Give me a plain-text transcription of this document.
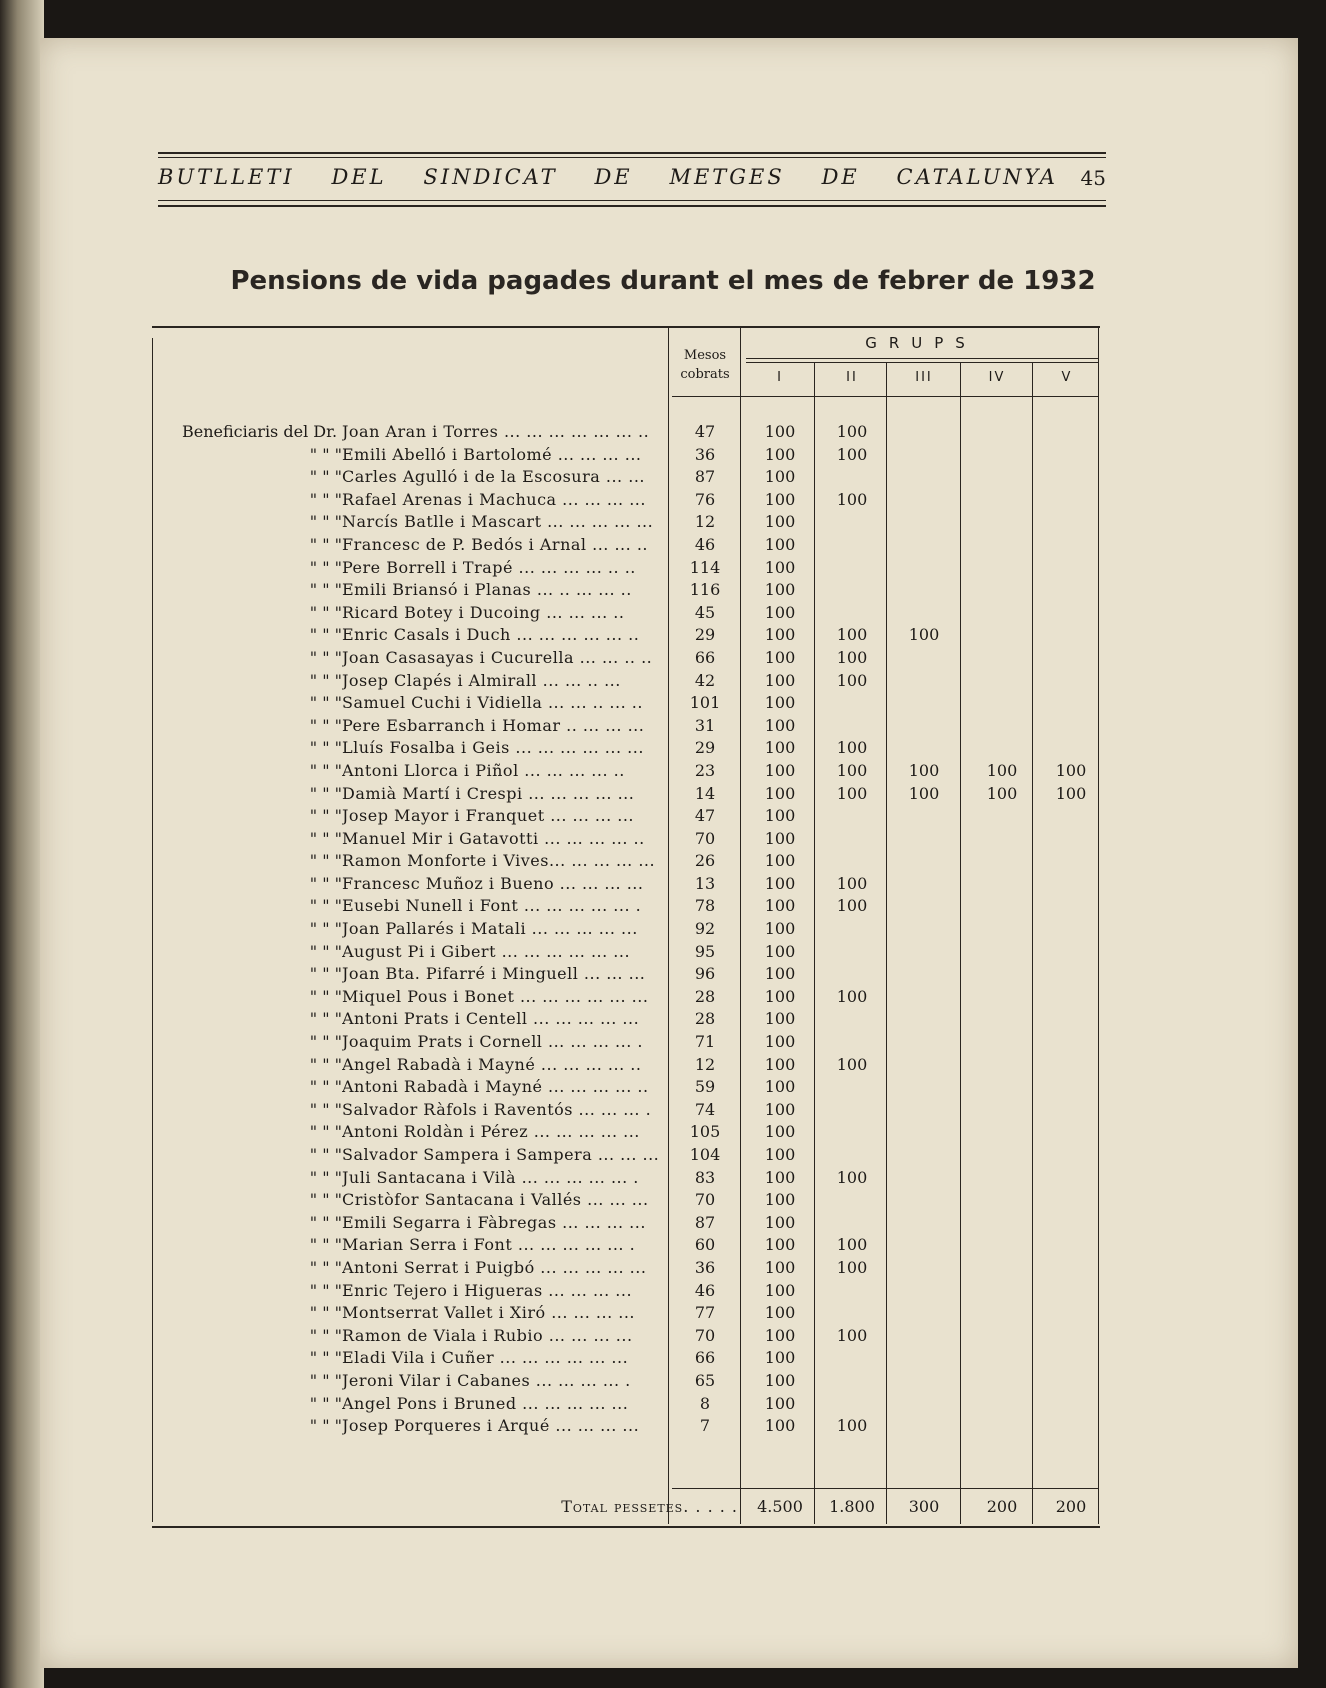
BUTLLETI DEL SINDICAT DE METGES DE CATALUNYA 45
Pensions de vida pagades durant el mes de febrer de 1932
Mesos cobrats
GRUPS
I	II	III	IV	V
Beneficiaris del Dr. Joan Aran i Torres ... ... ... ... ... ... ..	47	100	100
" " " Emili Abelló i Bartolomé ... ... ... ...	36	100	100
" " " Carles Agulló i de la Escosura ... ...	87	100
" " " Rafael Arenas i Machuca ... ... ... ...	76	100	100
" " " Narcís Batlle i Mascart ... ... ... ... ...	12	100
" " " Francesc de P. Bedós i Arnal ... ... ..	46	100
" " " Pere Borrell i Trapé ... ... ... ... .. ..	114	100
" " " Emili Briansó i Planas ... .. ... ... ..	116	100
" " " Ricard Botey i Ducoing ... ... ... ..	45	100
" " " Enric Casals i Duch ... ... ... ... ... ..	29	100	100	100
" " " Joan Casasayas i Cucurella ... ... .. ..	66	100	100
" " " Josep Clapés i Almirall ... ... .. ...	42	100	100
" " " Samuel Cuchi i Vidiella ... ... .. ... ..	101	100
" " " Pere Esbarranch i Homar .. ... ... ...	31	100
" " " Lluís Fosalba i Geis ... ... ... ... ... ...	29	100	100
" " " Antoni Llorca i Piñol ... ... ... ... ..	23	100	100	100	100	100
" " " Damià Martí i Crespi ... ... ... ... ...	14	100	100	100	100	100
" " " Josep Mayor i Franquet ... ... ... ...	47	100
" " " Manuel Mir i Gatavotti ... ... ... ... ..	70	100
" " " Ramon Monforte i Vives... ... ... ... ...	26	100
" " " Francesc Muñoz i Bueno ... ... ... ...	13	100	100
" " " Eusebi Nunell i Font ... ... ... ... ... .	78	100	100
" " " Joan Pallarés i Matali ... ... ... ... ...	92	100
" " " August Pi i Gibert ... ... ... ... ... ...	95	100
" " " Joan Bta. Pifarré i Minguell ... ... ...	96	100
" " " Miquel Pous i Bonet ... ... ... ... ... ...	28	100	100
" " " Antoni Prats i Centell ... ... ... ... ...	28	100
" " " Joaquim Prats i Cornell ... ... ... ... .	71	100
" " " Angel Rabadà i Mayné ... ... ... ... ..	12	100	100
" " " Antoni Rabadà i Mayné ... ... ... ... ..	59	100
" " " Salvador Ràfols i Raventós ... ... ... .	74	100
" " " Antoni Roldàn i Pérez ... ... ... ... ...	105	100
" " " Salvador Sampera i Sampera ... ... ...	104	100
" " " Juli Santacana i Vilà ... ... ... ... ... .	83	100	100
" " " Cristòfor Santacana i Vallés ... ... ...	70	100
" " " Emili Segarra i Fàbregas ... ... ... ...	87	100
" " " Marian Serra i Font ... ... ... ... ... .	60	100	100
" " " Antoni Serrat i Puigbó ... ... ... ... ...	36	100	100
" " " Enric Tejero i Higueras ... ... ... ...	46	100
" " " Montserrat Vallet i Xiró ... ... ... ...	77	100
" " " Ramon de Viala i Rubio ... ... ... ...	70	100	100
" " " Eladi Vila i Cuñer ... ... ... ... ... ...	66	100
" " " Jeroni Vilar i Cabanes ... ... ... ... .	65	100
" " " Angel Pons i Bruned ... ... ... ... ...	8	100
" " " Josep Porqueres i Arqué ... ... ... ...	7	100	100
Total pessetes. . . . .	4.500	1.800	300	200	200
